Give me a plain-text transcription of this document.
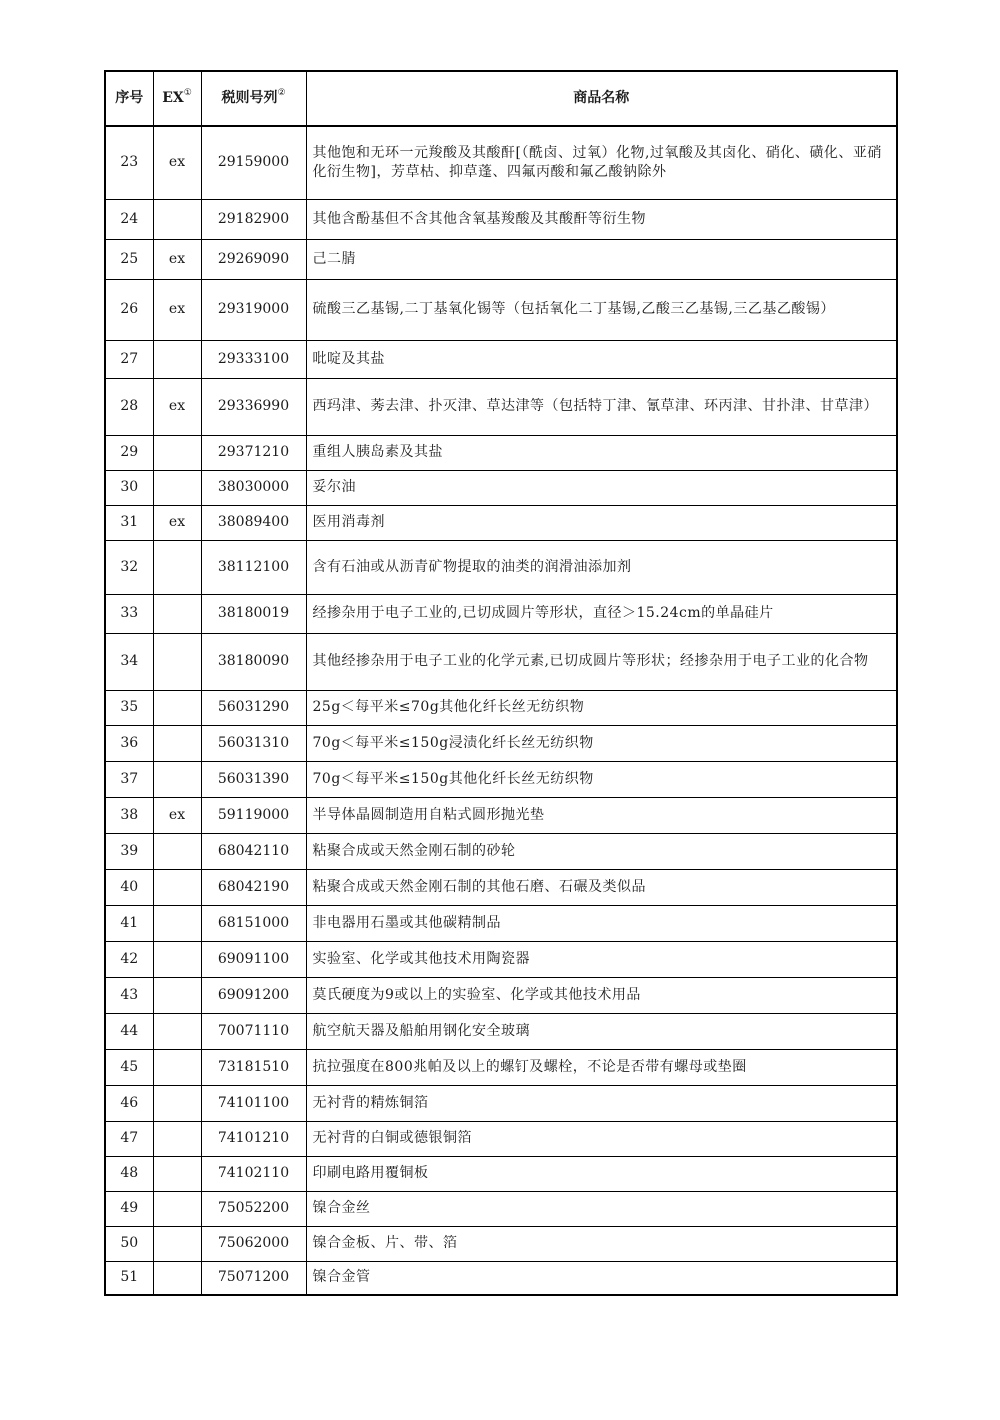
序号	EX①	税则号列②	商品名称
23	ex	29159000	其他饱和无环一元羧酸及其酸酐[（酰卤、过氧）化物,过氧酸及其卤化、硝化、磺化、亚硝化衍生物]，芳草枯、抑草蓬、四氟丙酸和氟乙酸钠除外
24		29182900	其他含酚基但不含其他含氧基羧酸及其酸酐等衍生物
25	ex	29269090	己二腈
26	ex	29319000	硫酸三乙基锡,二丁基氧化锡等（包括氧化二丁基锡,乙酸三乙基锡,三乙基乙酸锡）
27		29333100	吡啶及其盐
28	ex	29336990	西玛津、莠去津、扑灭津、草达津等（包括特丁津、氰草津、环丙津、甘扑津、甘草津）
29		29371210	重组人胰岛素及其盐
30		38030000	妥尔油
31	ex	38089400	医用消毒剂
32		38112100	含有石油或从沥青矿物提取的油类的润滑油添加剂
33		38180019	经掺杂用于电子工业的,已切成圆片等形状，直径＞15.24cm的单晶硅片
34		38180090	其他经掺杂用于电子工业的化学元素,已切成圆片等形状；经掺杂用于电子工业的化合物
35		56031290	25g＜每平米≤70g其他化纤长丝无纺织物
36		56031310	70g＜每平米≤150g浸渍化纤长丝无纺织物
37		56031390	70g＜每平米≤150g其他化纤长丝无纺织物
38	ex	59119000	半导体晶圆制造用自粘式圆形抛光垫
39		68042110	粘聚合成或天然金刚石制的砂轮
40		68042190	粘聚合成或天然金刚石制的其他石磨、石碾及类似品
41		68151000	非电器用石墨或其他碳精制品
42		69091100	实验室、化学或其他技术用陶瓷器
43		69091200	莫氏硬度为9或以上的实验室、化学或其他技术用品
44		70071110	航空航天器及船舶用钢化安全玻璃
45		73181510	抗拉强度在800兆帕及以上的螺钉及螺栓，不论是否带有螺母或垫圈
46		74101100	无衬背的精炼铜箔
47		74101210	无衬背的白铜或德银铜箔
48		74102110	印刷电路用覆铜板
49		75052200	镍合金丝
50		75062000	镍合金板、片、带、箔
51		75071200	镍合金管
